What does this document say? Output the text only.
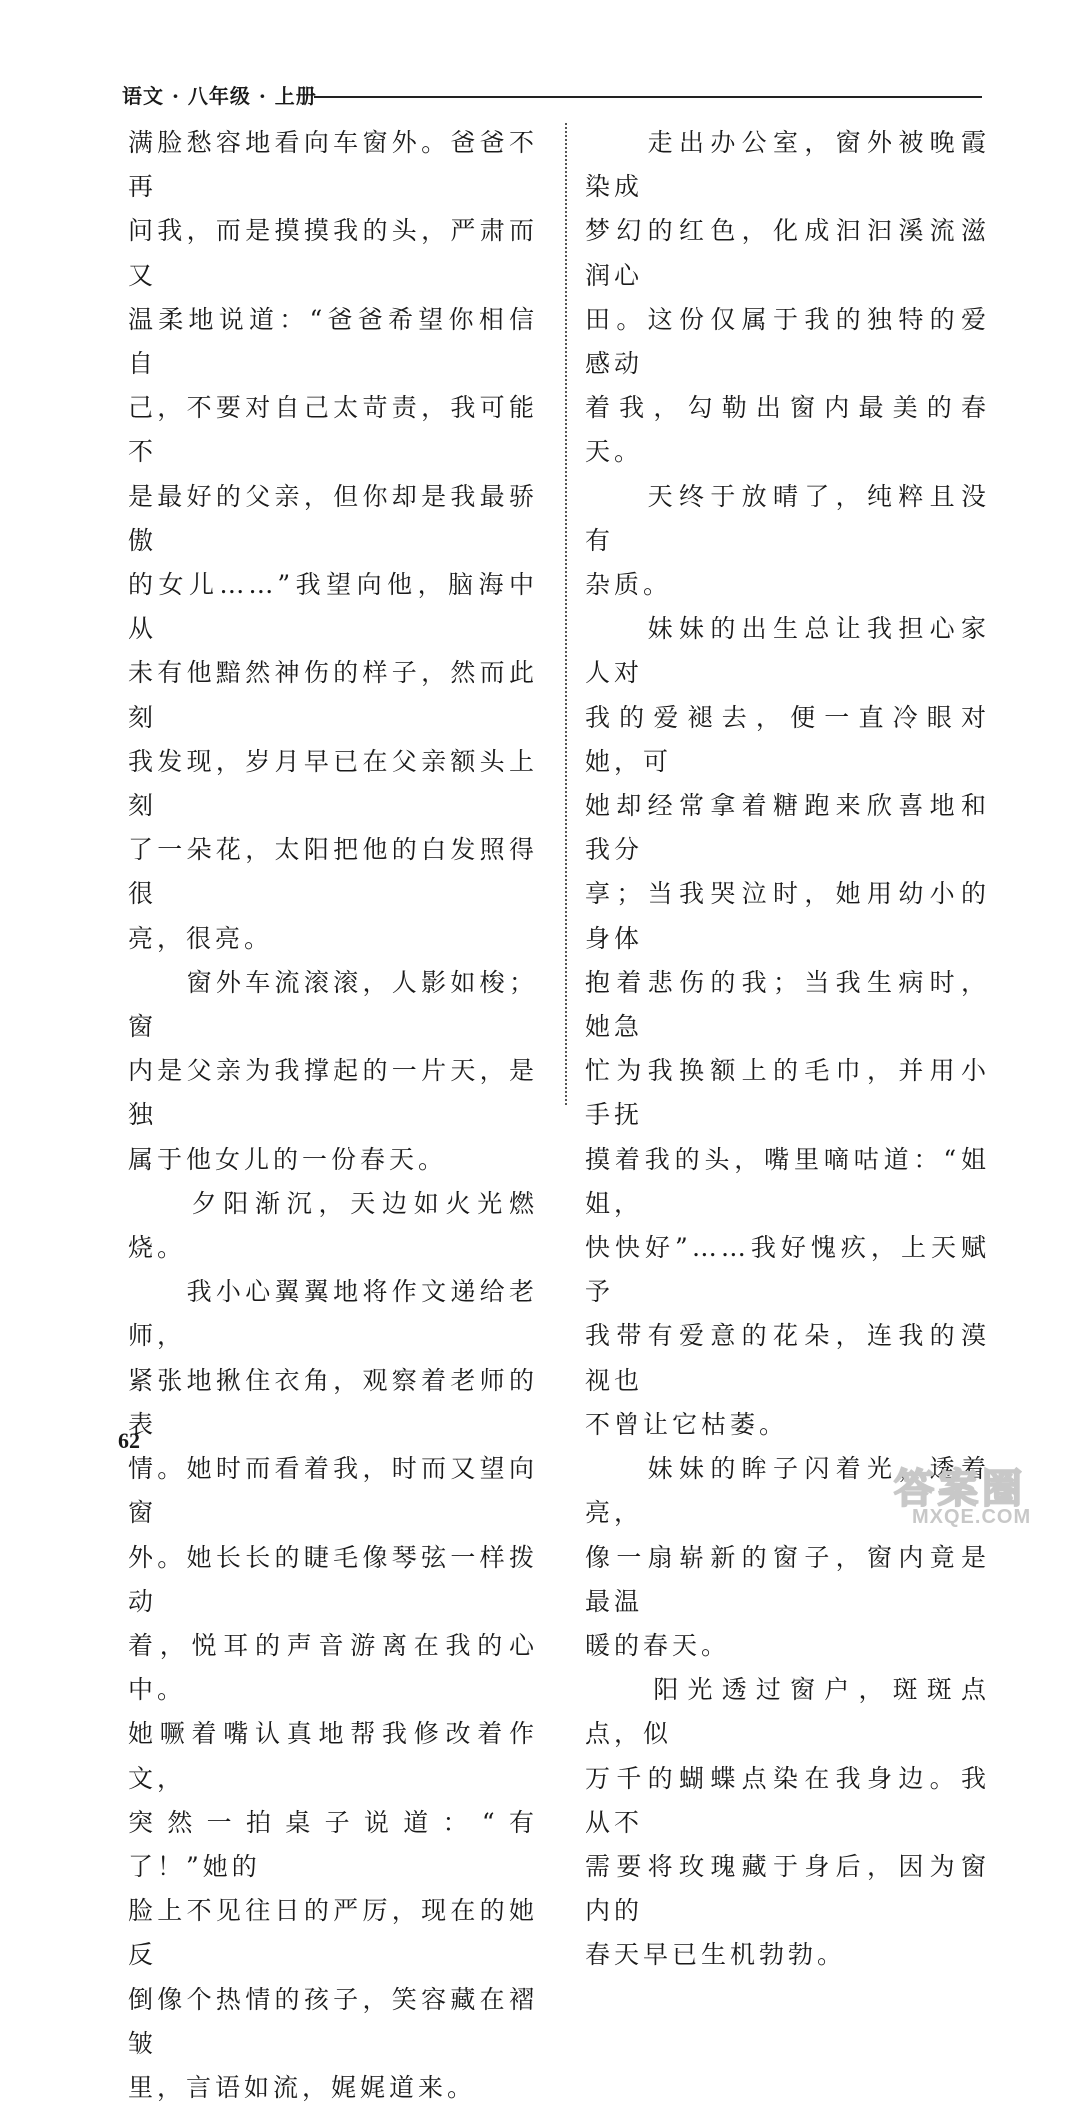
语文 · 八年级 · 上册

满脸愁容地看向车窗外。爸爸不再
问我，而是摸摸我的头，严肃而又
温柔地说道：“爸爸希望你相信自
己，不要对自己太苛责，我可能不
是最好的父亲，但你却是我最骄傲
的女儿……”我望向他，脑海中从
未有他黯然神伤的样子，然而此刻
我发现，岁月早已在父亲额头上刻
了一朵花，太阳把他的白发照得很
亮，很亮。

　　窗外车流滚滚，人影如梭；窗
内是父亲为我撑起的一片天，是独
属于他女儿的一份春天。

　　夕阳渐沉，天边如火光燃烧。

　　我小心翼翼地将作文递给老师，
紧张地揪住衣角，观察着老师的表
情。她时而看着我，时而又望向窗
外。她长长的睫毛像琴弦一样拨动
着，悦耳的声音游离在我的心中。
她噘着嘴认真地帮我修改着作文，
突然一拍桌子说道：“有了！”她的
脸上不见往日的严厉，现在的她反
倒像个热情的孩子，笑容藏在褶皱
里，言语如流，娓娓道来。

　　走出办公室，窗外被晚霞染成
梦幻的红色，化成汩汩溪流滋润心
田。这份仅属于我的独特的爱感动
着我，勾勒出窗内最美的春天。

　　天终于放晴了，纯粹且没有
杂质。

　　妹妹的出生总让我担心家人对
我的爱褪去，便一直冷眼对她，可
她却经常拿着糖跑来欣喜地和我分
享；当我哭泣时，她用幼小的身体
抱着悲伤的我；当我生病时，她急
忙为我换额上的毛巾，并用小手抚
摸着我的头，嘴里嘀咕道：“姐姐，
快快好”……我好愧疚，上天赋予
我带有爱意的花朵，连我的漠视也
不曾让它枯萎。

　　妹妹的眸子闪着光，透着亮，
像一扇崭新的窗子，窗内竟是最温
暖的春天。

　　阳光透过窗户，斑斑点点，似
万千的蝴蝶点染在我身边。我从不
需要将玫瑰藏于身后，因为窗内的
春天早已生机勃勃。

62
答案圈
MXQE.COM
